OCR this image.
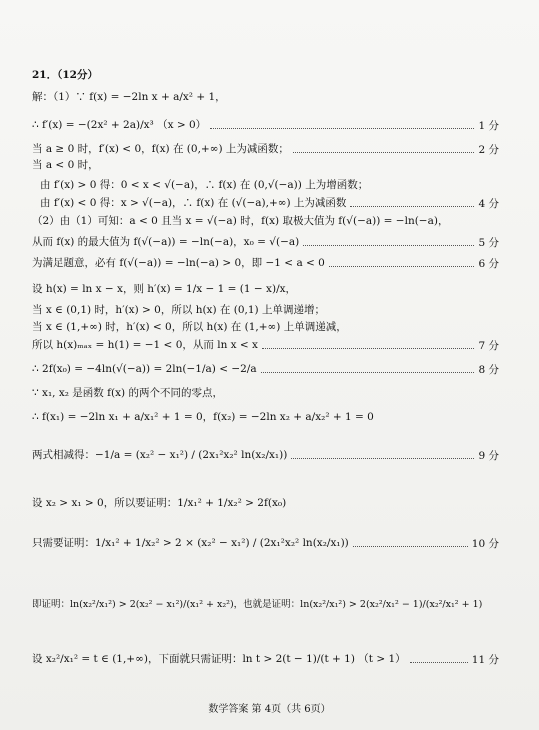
21．（12分）
解：（1）∵ f(x) = −2ln x + a/x² + 1，
∴ f′(x) = −(2x² + 2a)/x³ （x > 0）	1 分
当 a ≥ 0 时，f′(x) < 0，f(x) 在 (0,+∞) 上为减函数；	2 分
当 a < 0 时，
由 f′(x) > 0 得：0 < x < √(−a)，∴ f(x) 在 (0,√(−a)) 上为增函数；
由 f′(x) < 0 得：x > √(−a)，∴ f(x) 在 (√(−a),+∞) 上为减函数	4 分
（2）由（1）可知：a < 0 且当 x = √(−a) 时，f(x) 取极大值为 f(√(−a)) = −ln(−a)，
从而 f(x) 的最大值为 f(√(−a)) = −ln(−a)，x₀ = √(−a)	5 分
为满足题意，必有 f(√(−a)) = −ln(−a) > 0，即 −1 < a < 0	6 分
设 h(x) = ln x − x，则 h′(x) = 1/x − 1 = (1 − x)/x，
当 x ∈ (0,1) 时，h′(x) > 0，所以 h(x) 在 (0,1) 上单调递增；
当 x ∈ (1,+∞) 时，h′(x) < 0，所以 h(x) 在 (1,+∞) 上单调递减，
所以 h(x)ₘₐₓ = h(1) = −1 < 0，从而 ln x < x	7 分
∴ 2f(x₀) = −4ln(√(−a)) = 2ln(−1/a) < −2/a	8 分
∵ x₁, x₂ 是函数 f(x) 的两个不同的零点，
∴ f(x₁) = −2ln x₁ + a/x₁² + 1 = 0，f(x₂) = −2ln x₂ + a/x₂² + 1 = 0
两式相减得：−1/a = (x₂² − x₁²) / (2x₁²x₂² ln(x₂/x₁))	9 分
设 x₂ > x₁ > 0，所以要证明：1/x₁² + 1/x₂² > 2f(x₀)
只需要证明：1/x₁² + 1/x₂² > 2 × (x₂² − x₁²) / (2x₁²x₂² ln(x₂/x₁))	10 分
即证明：ln(x₂²/x₁²) > 2(x₂² − x₁²)/(x₁² + x₂²)，也就是证明：ln(x₂²/x₁²) > 2(x₂²/x₁² − 1)/(x₂²/x₁² + 1)
设 x₂²/x₁² = t ∈ (1,+∞)，下面就只需证明：ln t > 2(t − 1)/(t + 1) （t > 1）	11 分
数学答案 第 4页（共 6页）
